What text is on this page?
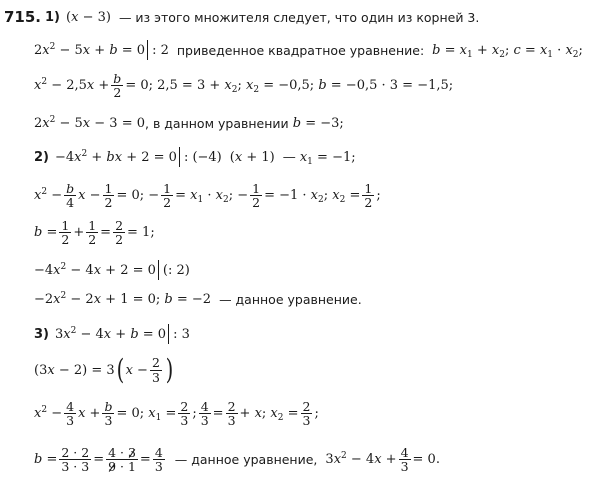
715. 1) (x − 3) — из этого множителя следует, что один из корней 3.
$2x^2 - 5x + b = 0$ : 2 приведенное квадратное уравнение: $b = x_1 + x_2$; $c = x_1 \cdot x_2$;
$x^2 - 2,5x + \frac{b}{2} = 0$; $2,5 = 3 + x_2$; $x_2 = -0,5$; b = −0,5 · 3 = −1,5;
$2x^2 - 5x - 3 = 0$ , в данном уравнении b = −3;
$2) -4x^2$ + bx + 2 = 0 : (−4) (x + 1) — $x_1 = -1$;
$x^2 - \frac{b}{4}$ $x - \frac{1}{2} = 0$; − $\frac{1}{2} = x_1 \cdot x_2$; − $\frac{1}{2} = -1 \cdot x_2$; $x_2 = \frac{1}{2}$ ;
$b = \frac{1}{2} + \frac{1}{2} = \frac{2}{2} = 1$;
$-4x^2 - 4x + 2 = 0$ (: 2)
$-2x^2 - 2x + 1 = 0$; b = −2 — данное уравнение.
3) $3x^2 - 4x + b = 0$ : 3
(3x − 2) = 3 ( $x - \frac{2}{3}$ )
$x^2 - \frac{4}{3}$ $x + \frac{b}{3} = 0$; $x_1 = \frac{2}{3}$ ; $\frac{4}{3} = \frac{2}{3} + x$; $x_2 = \frac{2}{3}$ ;
$b = \frac{2 \cdot 2}{3 \cdot 3} = \frac{4 \cdot 3}{9 \cdot 1} = \frac{4}{3}$ — данное уравнение, $3x^2 - 4x + \frac{4}{3} = 0$.
